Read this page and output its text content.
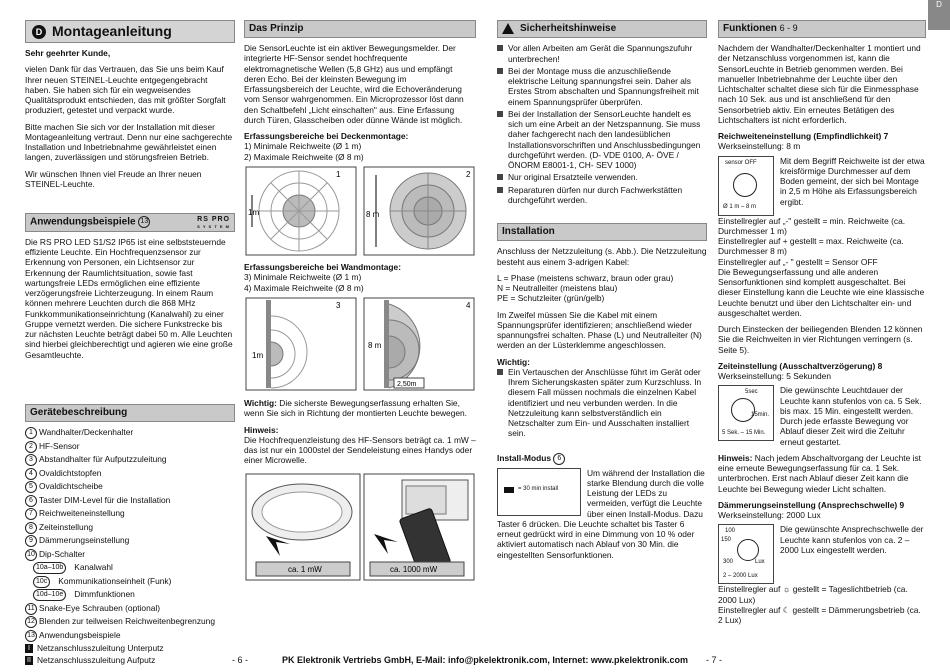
D
D Montageanleitung

Sehr geehrter Kunde,

vielen Dank für das Vertrauen, das Sie uns beim Kauf Ihrer neuen STEINEL-Leuchte entgegengebracht haben. Sie haben sich für ein wegweisendes Qualitätsprodukt entschieden, das mit größter Sorgfalt produziert, getestet und verpackt wurde.

Bitte machen Sie sich vor der Installation mit dieser Montageanleitung vertraut. Denn nur eine sachgerechte Installation und Inbetriebnahme gewährleistet einen langen, zuverlässigen und störungsfreien Betrieb.

Wir wünschen Ihnen viel Freude an Ihrer neuen STEINEL-Leuchte.

Anwendungsbeispiele 13	RS PRO
S Y S T E M

Die RS PRO LED S1/S2 IP65 ist eine selbststeuernde effiziente Leuchte. Ein Hochfrequenzsensor zur Erkennung von Personen, ein Lichtsensor zur Erkennung der Raumlichtsituation, sowie fast wartungsfreie LEDs ermöglichen eine effiziente verzögerungsfreie Lichterzeugung. In einem Raum können mehrere Leuchten durch die 868 MHz Funkkommunikationseinrichtung (Kanalwahl) zu einer Gruppe vernetzt werden. Die sichere Funkstrecke bis zur nächsten Leuchte beträgt dabei 50 m. Alle Leuchten sind hierbei gleichberechtigt und agieren wie eine große Gesamtleuchte.

Gerätebeschreibung
1 Wandhalter/Deckenhalter
2 HF-Sensor
3 Abstandhalter für Aufputzzuleitung
4 Ovaldichtstopfen
5 Ovaldichtscheibe
6 Taster DIM-Level für die Installation
7 Reichweiteneinstellung
8 Zeiteinstellung
9 Dämmerungseinstellung
10 Dip-Schalter
10a–10b Kanalwahl
10c Kommunikationseinheit (Funk)
10d–10e Dimmfunktionen
11 Snake-Eye Schrauben (optional)
12 Blenden zur teilweisen Reichweitenbegrenzung
13 Anwendungsbeispiele
I Netzanschlusszuleitung Unterputz
II Netzanschlusszuleitung Aufputz
Das Prinzip

Die SensorLeuchte ist ein aktiver Bewegungsmelder. Der integrierte HF-Sensor sendet hochfrequente elektromagnetische Wellen (5,8 GHz) aus und empfängt deren Echo. Bei der kleinsten Bewegung im Erfassungsbereich der Leuchte, wird die Echoveränderung vom Sensor wahrgenommen. Ein Microprozessor löst dann den Schaltbefehl „Licht einschalten" aus. Eine Erfassung durch Türen, Glasscheiben oder dünne Wände ist möglich.

Erfassungsbereiche bei Deckenmontage:
1) Minimale Reichweite (Ø 1 m)
2) Maximale Reichweite (Ø 8 m)
1	2
1m	8 m
Erfassungsbereiche bei Wandmontage:
3) Minimale Reichweite (Ø 1 m)
4) Maximale Reichweite (Ø 8 m)
3	4
1m
8 m
2,50m

Wichtig: Die sicherste Bewegungserfassung erhalten Sie, wenn Sie sich in Richtung der montierten Leuchte bewegen.

Hinweis:

Die Hochfrequenzleistung des HF-Sensors beträgt ca. 1 mW – das ist nur ein 1000stel der Sendeleistung eines Handys oder einer Microwelle.

ca. 1 mW	ca. 1000 mW
Sicherheitshinweise
Vor allen Arbeiten am Gerät die Spannungszufuhr unterbrechen!
Bei der Montage muss die anzuschließende elektrische Leitung spannungsfrei sein. Daher als Erstes Strom abschalten und Spannungsfreiheit mit einem Spannungsprüfer überprüfen.
Bei der Installation der SensorLeuchte handelt es sich um eine Arbeit an der Netzspannung. Sie muss daher fachgerecht nach den landesüblichen Installationsvorschriften und Anschlussbedingungen durchgeführt werden. (D- VDE 0100, A- ÖVE / ÖNORM E8001-1, CH- SEV 1000)
Nur original Ersatzteile verwenden.
Reparaturen dürfen nur durch Fachwerkstätten durchgeführt werden.
Installation

Anschluss der Netzzuleitung (s. Abb.). Die Netzzuleitung besteht aus einem 3-adrigen Kabel:

L = Phase (meistens schwarz, braun oder grau)
N = Neutralleiter (meistens blau)
PE = Schutzleiter (grün/gelb)

Im Zweifel müssen Sie die Kabel mit einem Spannungsprüfer identifizieren; anschließend wieder spannungsfrei schalten. Phase (L) und Neutralleiter (N) werden an der Lüsterklemme angeschlossen.

Wichtig:
Ein Vertauschen der Anschlüsse führt im Gerät oder Ihrem Sicherungskasten später zum Kurzschluss. In diesem Fall müssen nochmals die einzelnen Kabel identifiziert und neu verbunden werden. In die Netzzuleitung kann selbstverständlich ein Netzschalter zum Ein- und Ausschalten installiert sein.
Install-Modus 6
= 30 min install

Um während der Installation die starke Blendung durch die volle Leistung der LEDs zu vermeiden, verfügt die Leuchte über einen Install-Modus. Dazu Taster 6 drücken. Die Leuchte schaltet bis Taster 6 erneut gedrückt wird in eine Dimmung von 10 % oder aktiviert automatisch nach Ablauf von 30 Min. die eingestellten Sensorfunktionen.

Funktionen 6 - 9

Nachdem der Wandhalter/Deckenhalter 1 montiert und der Netzanschluss vorgenommen ist, kann die SensorLeuchte in Betrieb genommen werden. Bei manueller Inbetriebnahme der Leuchte über den Lichtschalter schaltet diese sich für die Einmessphase nach 10 Sek. aus und ist anschließend für den Sensorbetrieb aktiv. Ein erneutes Betätigen des Lichtschalters ist nicht erforderlich.

Reichweiteneinstellung (Empfindlichkeit) 7
Werkseinstellung: 8 m
sensor OFF
Ø 1 m – 8 m

Mit dem Begriff Reichweite ist der etwa kreisförmige Durchmesser auf dem Boden gemeint, der sich bei Montage in 2,5 m Höhe als Erfassungsbereich ergibt.

Einstellregler auf „-" gestellt = min. Reichweite (ca. Durchmesser 1 m)
Einstellregler auf + gestellt = max. Reichweite (ca. Durchmesser 8 m)
Einstellregler auf „- " gestellt = Sensor OFF
Die Bewegungserfassung und alle anderen Sensorfunktionen sind komplett ausgeschaltet. Bei dieser Einstellung kann die Leuchte wie eine klassische Leuchte benutzt und über den Lichtschalter ein- und ausgeschaltet werden.

Durch Einstecken der beiliegenden Blenden 12 können Sie die Reichweiten in vier Richtungen verringern (s. Seite 5).

Zeiteinstellung (Ausschaltverzögerung) 8
Werkseinstellung: 5 Sekunden
5sec
15min.
5 Sek. – 15 Min.

Die gewünschte Leuchtdauer der Leuchte kann stufenlos von ca. 5 Sek. bis max. 15 Min. eingestellt werden. Durch jede erfasste Bewegung vor Ablauf dieser Zeit wird die Zeituhr erneut gestartet.

Hinweis: Nach jedem Abschaltvorgang der Leuchte ist eine erneute Bewegungserfassung für ca. 1 Sek. unterbrochen. Erst nach Ablauf dieser Zeit kann die Leuchte bei Bewegung wieder Licht schalten.

Dämmerungseinstellung (Ansprechschwelle) 9
Werkseinstellung: 2000 Lux
100
150
300	Lux
2 – 2000 Lux

Die gewünschte Ansprechschwelle der Leuchte kann stufenlos von ca. 2 – 2000 Lux eingestellt werden.

Einstellregler auf ☼ gestellt = Tageslichtbetrieb (ca. 2000 Lux)
Einstellregler auf ☾ gestellt = Dämmerungsbetrieb (ca. 2 Lux)

- 6 -	PK Elektronik Vertriebs GmbH, E-Mail: info@pkelektronik.com, Internet: www.pkelektronik.com - 7 -
